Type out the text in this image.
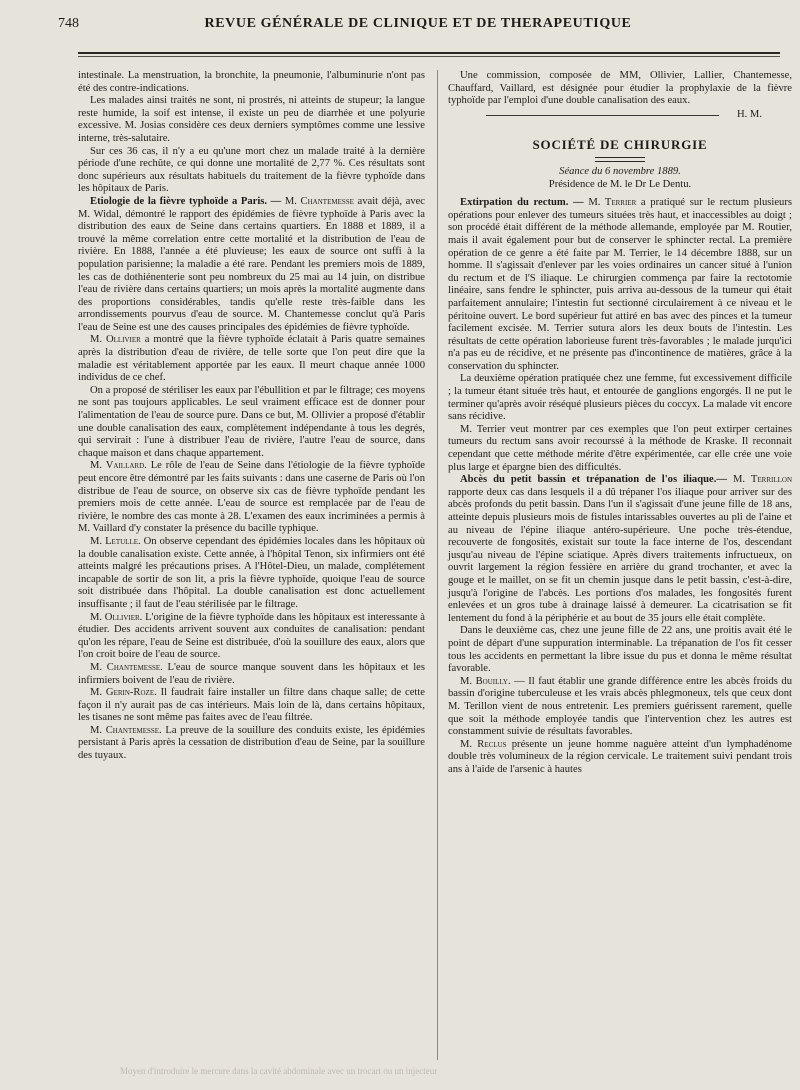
748	REVUE GÉNÉRALE DE CLINIQUE ET DE THERAPEUTIQUE

intestinale. La menstruation, la bronchite, la pneumonie, l'albuminurie n'ont pas été des contre-indications.

Les malades ainsi traités ne sont, ni prostrés, ni atteints de stupeur; la langue reste humide, la soif est intense, il existe un peu de diarrhée et une polyurie excessive. M. Josias considère ces deux derniers symptômes comme une lessive interne, très-salutaire.

Sur ces 36 cas, il n'y a eu qu'une mort chez un malade traité à la dernière période d'une rechûte, ce qui donne une mortalité de 2,77 %. Ces résultats sont donc supérieurs aux résultats habituels du traitement de la fièvre typhoïde dans les hôpitaux de Paris.

Etiologie de la fièvre typhoïde a Paris. — M. Chantemesse avait déjà, avec M. Widal, démontré le rapport des épidémies de fièvre typhoïde à Paris avec la distribution des eaux de Seine dans certains quartiers. En 1888 et 1889, il a trouvé la même correlation entre cette mortalité et la distribution de l'eau de rivière. En 1888, l'année a été pluvieuse; les eaux de source ont suffi à la population parisienne; la maladie a été rare. Pendant les premiers mois de 1889, les cas de dothiénenterie sont peu nombreux du 25 mai au 14 juin, on distribue l'eau de rivière dans certains quartiers; un mois après la mortalité augmente dans des proportions considérables, tandis qu'elle reste très-faible dans les arrondissements pourvus d'eau de source. M. Chantemesse conclut qu'à Paris l'eau de Seine est une des causes principales des épidémies de fièvre typhoïde.

M. Ollivier a montré que la fièvre typhoïde éclatait à Paris quatre semaines après la distribution d'eau de rivière, de telle sorte que l'on peut dire que la maladie est véritablement apportée par les eaux. Il meurt chaque année 1000 individus de ce chef.

On a proposé de stériliser les eaux par l'ébullition et par le filtrage; ces moyens ne sont pas toujours applicables. Le seul vraiment efficace est de donner pour l'alimentation de l'eau de source pure. Dans ce but, M. Ollivier a proposé d'établir une double canalisation des eaux, complètement indépendante à tous les degrés, qui servirait : l'une à distribuer l'eau de rivière, l'autre l'eau de source, dans chaque maison et dans chaque appartement.

M. Vaillard. Le rôle de l'eau de Seine dans l'étiologie de la fièvre typhoïde peut encore être démontré par les faits suivants : dans une caserne de Paris où l'on distribue de l'eau de source, on observe six cas de fièvre typhoïde pendant les premiers mois de cette année. L'eau de source est remplacée par de l'eau de rivière, le nombre des cas monte à 28. L'examen des eaux incriminées a permis à M. Vaillard d'y constater la présence du bacille typhique.

M. Letulle. On observe cependant des épidémies locales dans les hôpitaux où la double canalisation existe. Cette année, à l'hôpital Tenon, six infirmiers ont été atteints malgré les précautions prises. A l'Hôtel-Dieu, un malade, complétement incapable de sortir de son lit, a pris la fièvre typhoïde, quoique l'eau de source soit distribuée dans l'hôpital. La double canalisation est donc actuellement insuffisante ; il faut de l'eau stérilisée par le filtrage.

M. Ollivier. L'origine de la fièvre typhoïde dans les hôpitaux est interessante à étudier. Des accidents arrivent souvent aux conduites de canalisation: pendant qu'on les répare, l'eau de Seine est distribuée, d'où la souillure des eaux, alors que l'on croit boire de l'eau de source.

M. Chantemesse. L'eau de source manque souvent dans les hôpitaux et les infirmiers boivent de l'eau de rivière.

M. Gerin-Roze. Il faudrait faire installer un filtre dans chaque salle; de cette façon il n'y aurait pas de cas intérieurs. Mais loin de là, dans certains hôpitaux, les tisanes ne sont même pas faites avec de l'eau filtrée.

M. Chantemesse. La preuve de la souillure des conduits existe, les épidémies persistant à Paris après la cessation de distribution d'eau de Seine, par la souillure des tuyaux.

Une commission, composée de MM, Ollivier, Lallier, Chantemesse, Chauffard, Vaillard, est désignée pour étudier la prophylaxie de la fièvre typhoïde par l'emploi d'une double canalisation des eaux.

H. M.
SOCIÉTÉ DE CHIRURGIE

Séance du 6 novembre 1889.

Présidence de M. le Dr Le Dentu.

Extirpation du rectum. — M. Terrier a pratiqué sur le rectum plusieurs opérations pour enlever des tumeurs situées très haut, et inaccessibles au doigt ; son procédé était différent de la méthode allemande, employée par M. Routier, mais il avait également pour but de conserver le sphincter rectal. La première opération de ce genre a été faite par M. Terrier, le 14 décembre 1888, sur un homme. Il s'agissait d'enlever par les voies ordinaires un cancer situé à l'union du rectum et de l'S iliaque. Le chirurgien commença par faire la rectotomie linéaire, sans fendre le sphincter, puis arriva au-dessous de la tumeur qui était parfaitement annulaire; l'intestin fut sectionné circulairement à ce niveau et le péritoine ouvert. Le bord supérieur fut attiré en bas avec des pinces et la tumeur facilement excisée. M. Terrier sutura alors les deux bouts de l'intestin. Les résultats de cette opération laborieuse furent très-favorables ; le malade jurqu'ici n'a pas eu de récidive, et ne présente pas d'incontinence de matières, grâce à la conservation du sphincter.

La deuxième opération pratiquée chez une femme, fut excessivement difficile ; la tumeur étant située très haut, et entourée de ganglions engorgés. Il ne put le terminer qu'après avoir réséqué plusieurs pièces du coccyx. La malade vit encore sans récidive.

M. Terrier veut montrer par ces exemples que l'on peut extirper certaines tumeurs du rectum sans avoir recourssé à la méthode de Kraske. Il reconnait cependant que cette méthode mérite d'être expérimentée, car elle crée une voie plus large et épargne bien des difficultés.

Abcès du petit bassin et trépanation de l'os iliaque.— M. Terrillon rapporte deux cas dans lesquels il a dû trépaner l'os iliaque pour arriver sur des abcès profonds du petit bassin. Dans l'un il s'agissait d'une jeune fille de 18 ans, atteinte depuis plusieurs mois de fistules intarissables ouvertes au pli de l'aine et au niveau de l'épine iliaque antéro-supérieure. Une poche très-étendue, recouverte de fongosités, existait sur toute la face interne de l'os, descendant jusqu'au niveau de l'épine sciatique. Après divers traitements infructueux, on ouvrit largement la région fessière en arrière du grand trochanter, et avec la gouge et le maillet, on se fit un chemin jusque dans le petit bassin, c'est-à-dire, jusqu'à l'origine de l'abcès. Les portions d'os malades, les fongosités furent enlevées et un gros tube à drainage laissé à demeurer. La cicatrisation se fit lentement du fond à la périphérie et au bout de 35 jours elle était complète.

Dans le deuxième cas, chez une jeune fille de 22 ans, une proitis avait été le point de départ d'une suppuration interminable. La trépanation de l'os fit cesser tous les accidents en permettant la libre issue du pus et donna le même résultat favorable.

M. Bouilly. — Il faut établir une grande différence entre les abcès froids du bassin d'origine tuberculeuse et les vrais abcès phlegmoneux, tels que ceux dont M. Terillon vient de nous entretenir. Les premiers guérissent rarement, quelle que soit la méthode employée tandis que l'intervention chez les autres est constamment suivie de résultats favorables.

M. Reclus présente un jeune homme naguère atteint d'un lymphadénome double très volumineux de la région cervicale. Le traitement suivi pendant trois ans à l'aide de l'arsenic à hautes

Moyen d'introduire le mercure dans la cavité abdominale avec un trocart ou un injecteur
